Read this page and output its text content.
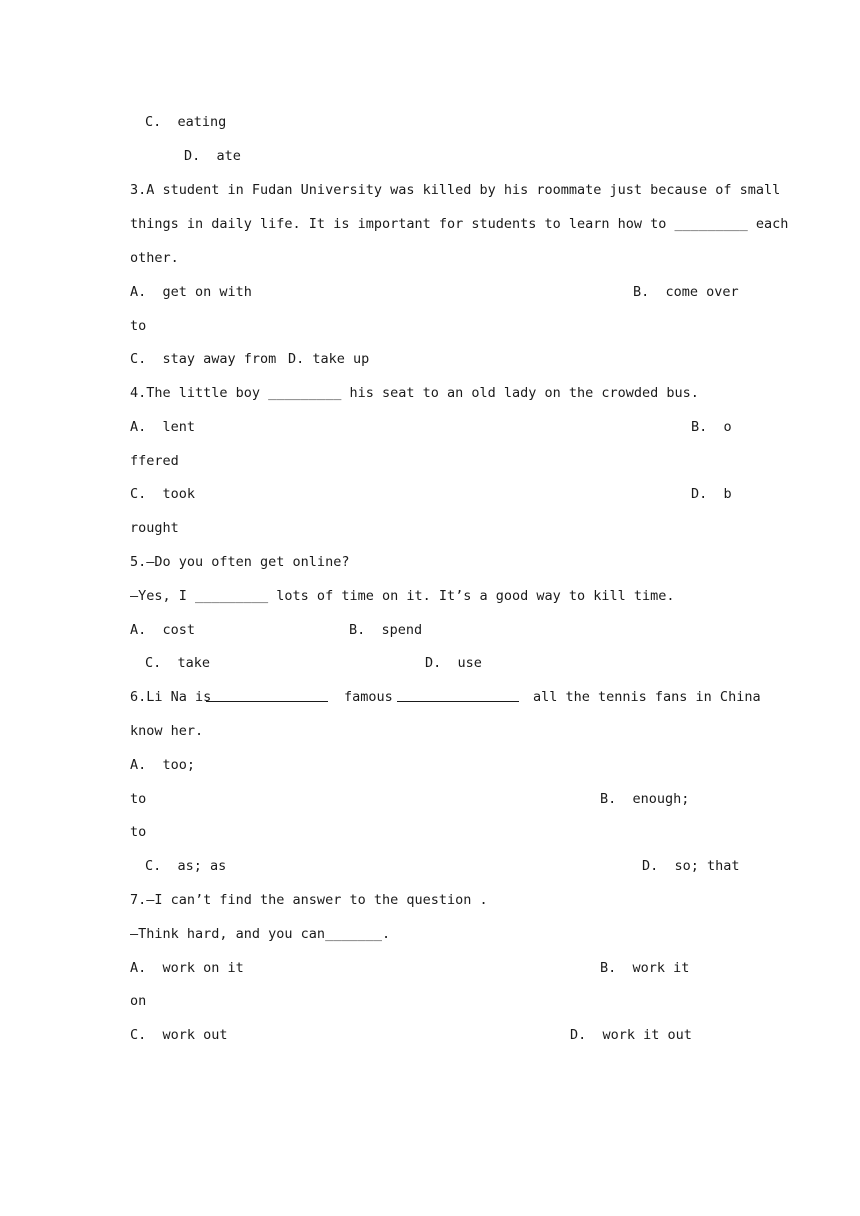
C.  eating
D.  ate
3.A student in Fudan University was killed by his roommate just because of small
things in daily life. It is important for students to learn how to _________ each
other.
A.  get on with	B.  come over
to
C.  stay away from D. take up
4.The little boy _________ his seat to an old lady on the crowded bus.
A.  lent	B.  o
ffered
C.  took	D.  b
rought
5.—Do you often get online?
—Yes, I _________ lots of time on it. It’s a good way to kill time.
A.  cost	B.  spend
C.  take	D.  use
6.Li Na is	famous	all the tennis fans in China
know her.
A.  too;
to	B.  enough;
to
C.  as; as	D.  so; that
7.—I can’t find the answer to the question .
—Think hard, and you can_______.
A.  work on it	B.  work it
on
C.  work out	D.  work it out
